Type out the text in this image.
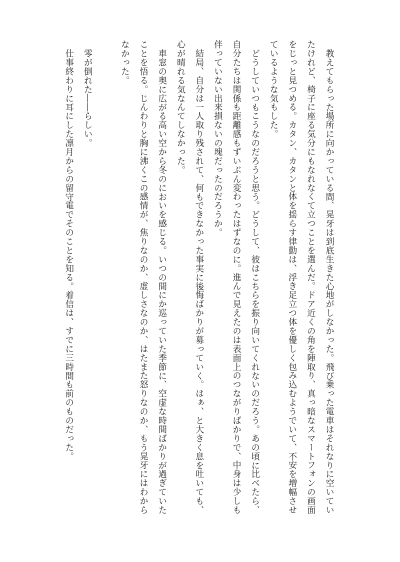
教えてもらった場所に向かっている間、晃牙は到底生きた心地がしなかった。飛び乗った電車はそれなりに空いていたけれど、椅子に座る気分にもなれなくて立つことを選んだ。ドア近くの角を陣取り、真っ暗なスマートフォンの画面をじっと見つめる。カタン、カタンと体を揺らす律動は、浮き足立つ体を優しく包み込むようでいて、不安を増幅させているような気もした。

どうしていつもこうなのだろうと思う。どうして、彼はこちらを振り向いてくれないのだろう。あの頃に比べたら、自分たちは関係も距離感もずいぶん変わったはずなのに。進んで見えたのは表面上のつながりばかりで、中身は少しも伴っていない出来損ないの塊だったのだろうか。

結局、自分は一人取り残されて、何もできなかった事実に後悔ばかりが募っていく。はぁ、と大きく息を吐いても、心が晴れる気なんてしなかった。

車窓の奥に広がる高い空から冬のにおいを感じる。いつの間にか巡っていた季節に、空虚な時間ばかりが過ぎていたことを悟る。じんわりと胸に沸くこの感情が、焦りなのか、虚しさなのか、はたまた怒りなのか、もう晃牙にはわからなかった。

零が倒れた――らしい。

仕事終わりに耳にした凛月からの留守電でそのことを知る。着信は、すでに三時間も前のものだった。
